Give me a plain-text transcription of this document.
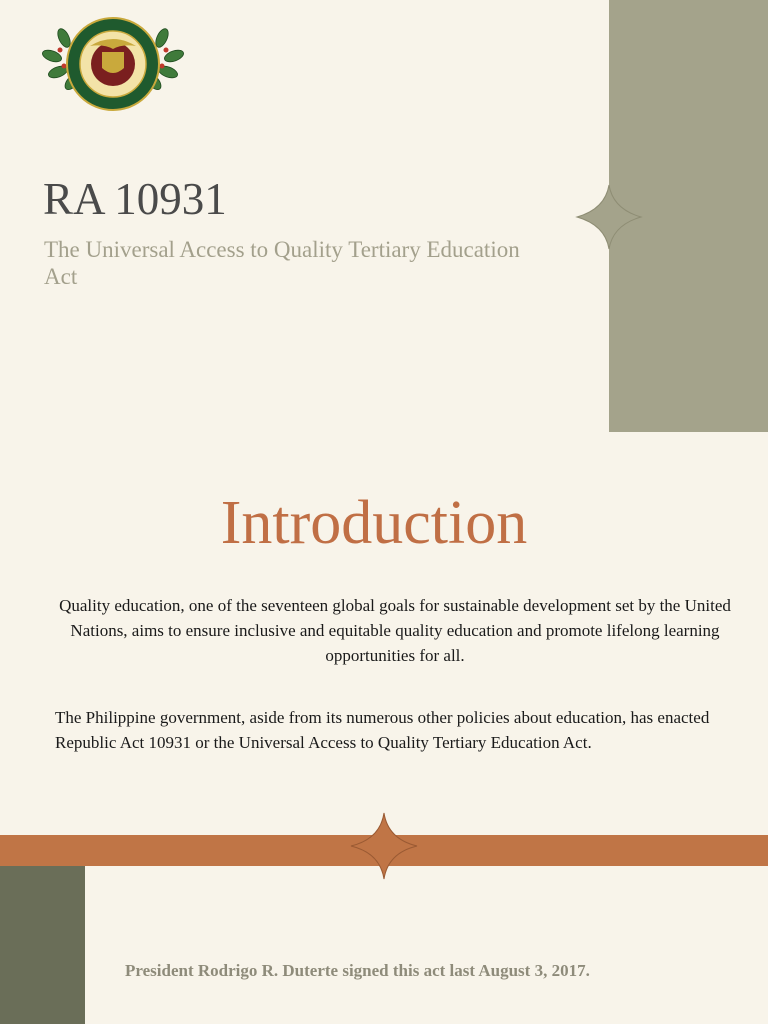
RA 10931

The Universal Access to Quality Tertiary Education Act

Introduction

Quality education, one of the seventeen global goals for sustainable development set by the United Nations, aims to ensure inclusive and equitable quality education and promote lifelong learning opportunities for all.

The Philippine government, aside from its numerous other policies about education, has enacted Republic Act 10931 or the Universal Access to Quality Tertiary Education Act.

President Rodrigo R. Duterte signed this act last August 3, 2017.
